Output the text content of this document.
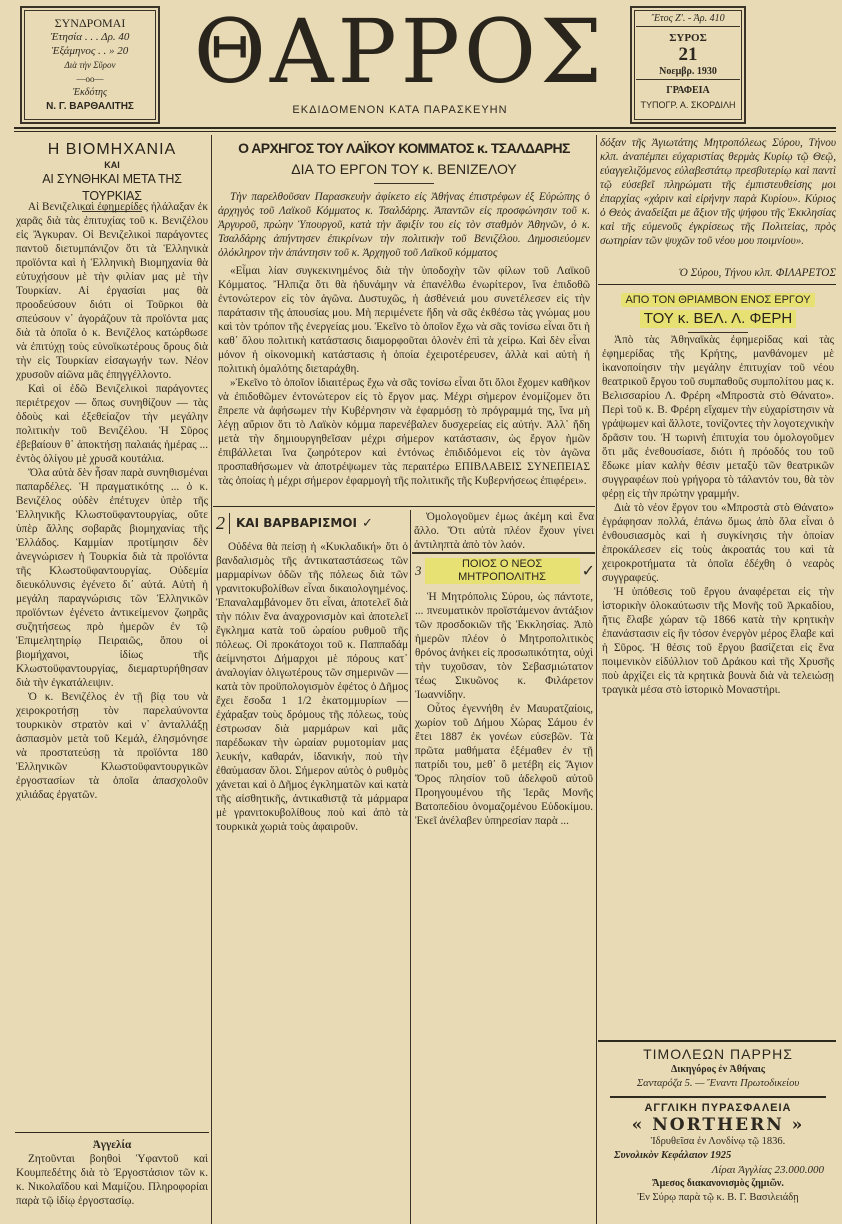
ΣΥΝΔΡΟΜΑΙ
Ἐτησία . . . Δρ. 40
Ἑξάμηνος . . » 20
Διὰ τὴν Σῦρον
—oo—
Ἐκδότης
Ν. Γ. ΒΑΡΘΑΛΙΤΗΣ
ΘΑΡΡΟΣ
ΕΚΔΙΔΟΜΕΝΟΝ ΚΑΤΑ ΠΑΡΑΣΚΕΥΗΝ
Ἔτος Ζ'. - Ἀρ. 410
ΣΥΡΟΣ
21
Νοεμβρ. 1930
ΓΡΑΦΕΙΑ
ΤΥΠΟΓΡ. Α. ΣΚΟΡΔΙΛΗ
Η ΒΙΟΜΗΧΑΝΙΑ
ΚΑΙ
ΑΙ ΣΥΝΘΗΚΑΙ ΜΕΤΑ ΤΗΣ ΤΟΥΡΚΙΑΣ

Αἱ Βενιζελικαὶ ἐφημερίδες ἠλάλαξαν ἐκ χαρᾶς διὰ τὰς ἐπιτυχίας τοῦ κ. Βενιζέλου εἰς Ἄγκυραν. Οἱ Βενιζελικοὶ παράγοντες παντοῦ διετυμπάνιζον ὅτι τὰ Ἑλληνικὰ προϊόντα καὶ ἡ Ἑλληνικὴ Βιομηχανία θὰ εὐτυχήσουν μὲ τὴν φιλίαν μας μὲ τὴν Τουρκίαν. Αἱ ἐργασίαι μας θὰ προοδεύσουν διότι οἱ Τοῦρκοι θὰ σπεύσουν ν᾽ ἀγοράζουν τὰ προϊόντα μας διὰ τὰ ὁποῖα ὁ κ. Βενιζέλος κατώρθωσε νὰ ἐπιτύχῃ τοὺς εὐνοϊκωτέρους ὅρους διὰ τὴν εἰς Τουρκίαν εἰσαγωγήν των. Νέον χρυσοῦν αἰῶνα μᾶς ἐπηγγέλλοντο.

Καὶ οἱ ἐδῶ Βενιζελικοὶ παράγοντες περιέτρεχον — ὅπως συνηθίζουν — τὰς ὁδοὺς καὶ ἐξεθείαζον τὴν μεγάλην πολιτικὴν τοῦ Βενιζέλου. Ἡ Σῦρος ἐβεβαίουν θ᾽ ἀποκτήσῃ παλαιάς ἡμέρας ... ἐντὸς ὀλίγου μὲ χρυσᾶ κουτάλια.

Ὅλα αὐτὰ δὲν ἦσαν παρὰ συνηθισμέναι παπαρδέλες. Ἡ πραγματικότης ... ὁ κ. Βενιζέλος οὐδὲν ἐπέτυχεν ὑπὲρ τῆς Ἑλληνικῆς Κλωστοϋφαντουργίας, οὔτε ὑπὲρ ἄλλης σοβαρᾶς βιομηχανίας τῆς Ἑλλάδος. Καμμίαν προτίμησιν δὲν ἀνεγνώρισεν ἡ Τουρκία διὰ τὰ προϊόντα τῆς Κλωστοϋφαντουργίας. Οὐδεμία διευκόλυνσις ἐγένετο δι᾽ αὐτά. Αὐτὴ ἡ μεγάλη παραγνώρισις τῶν Ἑλληνικῶν προϊόντων ἐγένετο ἀντικείμενον ζωηρᾶς συζητήσεως πρὸ ἡμερῶν ἐν τῷ Ἐπιμελητηρίῳ Πειραιῶς, ὅπου οἱ βιομήχανοι, ἰδίως τῆς Κλωστοϋφαντουργίας, διεμαρτυρήθησαν διὰ τὴν ἐγκατάλειψιν.

Ὁ κ. Βενιζέλος ἐν τῇ βίᾳ του νὰ χειροκροτήσῃ τὸν παρελαύνοντα τουρκικὸν στρατὸν καὶ ν᾽ ἀνταλλάξῃ ἀσπασμὸν μετὰ τοῦ Κεμάλ, ἐλησμόνησε νὰ προστατεύσῃ τὰ προϊόντα 180 Ἑλληνικῶν Κλωστοϋφαντουργικῶν ἐργοστασίων τὰ ὁποῖα ἀπασχολοῦν χιλιάδας ἐργατῶν.

Ἀγγελία

Ζητοῦνται βοηθοὶ Ὑφαντοῦ καὶ Κουμπεδέτης διὰ τὸ Ἐργοστάσιον τῶν κ. κ. Νικολαΐδου καὶ Μαμίζου. Πληροφορίαι παρὰ τῷ ἰδίῳ ἐργοστασίῳ.

Ο ΑΡΧΗΓΟΣ ΤΟΥ ΛΑΪΚΟΥ ΚΟΜΜΑΤΟΣ κ. ΤΣΑΛΔΑΡΗΣ
ΔΙΑ ΤΟ ΕΡΓΟΝ ΤΟΥ κ. ΒΕΝΙΖΕΛΟΥ

Τὴν παρελθοῦσαν Παρασκευὴν ἀφίκετο εἰς Ἀθήνας ἐπιστρέφων ἐξ Εὐρώπης ὁ ἀρχηγὸς τοῦ Λαϊκοῦ Κόμματος κ. Τσαλδάρης. Ἀπαντῶν εἰς προσφώνησιν τοῦ κ. Ἀργυροῦ, πρώην Ὑπουργοῦ, κατὰ τὴν ἄφιξίν του εἰς τὸν σταθμὸν Ἀθηνῶν, ὁ κ. Τσαλδάρης ἀπήντησεν ἐπικρίνων τὴν πολιτικὴν τοῦ Βενιζέλου. Δημοσιεύομεν ὁλόκληρον τὴν ἀπάντησιν τοῦ κ. Ἀρχηγοῦ τοῦ Λαϊκοῦ κόμματος

«Εἶμαι λίαν συγκεκινημένος διὰ τὴν ὑποδοχὴν τῶν φίλων τοῦ Λαϊκοῦ Κόμματος. Ἤλπιζα ὅτι θὰ ἠδυνάμην νὰ ἐπανέλθω ἐνωρίτερον, ἵνα ἐπιδοθῶ ἐντονώτερον εἰς τὸν ἀγῶνα. Δυστυχῶς, ἡ ἀσθένειά μου συνετέλεσεν εἰς τὴν παράτασιν τῆς ἀπουσίας μου. Μὴ περιμένετε ἤδη νὰ σᾶς ἐκθέσω τὰς γνώμας μου καὶ τὸν τρόπον τῆς ἐνεργείας μου. Ἐκεῖνο τὸ ὁποῖον ἔχω νὰ σᾶς τονίσω εἶναι ὅτι ἡ καθ᾽ ὅλου πολιτικὴ κατάστασις διαμορφοῦται ὁλονὲν ἐπὶ τὰ χείρω. Καὶ δὲν εἶναι μόνον ἡ οἰκονομικὴ κατάστασις ἡ ὁποία ἐχειροτέρευσεν, ἀλλὰ καὶ αὐτὴ ἡ πολιτικὴ ὁμαλότης διεταράχθη.

»Ἐκεῖνο τὸ ὁποῖον ἰδιαιτέρως ἔχω νὰ σᾶς τονίσω εἶναι ὅτι ὅλοι ἔχομεν καθῆκον νὰ ἐπιδοθῶμεν ἐντονώτερον εἰς τὸ ἔργον μας. Μέχρι σήμερον ἐνομίζομεν ὅτι ἔπρεπε νὰ ἀφήσωμεν τὴν Κυβέρνησιν νὰ ἐφαρμόσῃ τὸ πρόγραμμά της, ἵνα μὴ λέγῃ αὔριον ὅτι τὸ Λαϊκὸν κόμμα παρενέβαλεν δυσχερείας εἰς αὐτήν. Ἀλλ᾽ ἤδη μετὰ τὴν δημιουργηθεῖσαν μέχρι σήμερον κατάστασιν, ὡς ἔργον ἡμῶν ἐπιβάλλεται ἵνα ζωηρότερον καὶ ἐντόνως ἐπιδιδόμενοι εἰς τὸν ἀγῶνα προσπαθήσωμεν νὰ ἀποτρέψωμεν τὰς περαιτέρω ΕΠΙΒΛΑΒΕΙΣ ΣΥΝΕΠΕΙΑΣ τὰς ὁποίας ἡ μέχρι σήμερον ἐφαρμογὴ τῆς πολιτικῆς τῆς Κυβερνήσεως ἐπιφέρει».

2 ΚΑΙ ΒΑΡΒΑΡΙΣΜΟΙ ✓

Οὐδένα θὰ πείσῃ ἡ «Κυκλαδική» ὅτι ὁ βανδαλισμὸς τῆς ἀντικαταστάσεως τῶν μαρμαρίνων ὁδῶν τῆς πόλεως διὰ τῶν γρανιτοκυβολίθων εἶναι δικαιολογημένος. Ἐπαναλαμβάνομεν ὅτι εἶναι, ἀποτελεῖ διὰ τὴν πόλιν ἕνα ἀναχρονισμὸν καὶ ἀποτελεῖ ἔγκλημα κατὰ τοῦ ὡραίου ρυθμοῦ τῆς πόλεως. Οἱ προκάτοχοι τοῦ κ. Παππαδάμ ἀείμνηστοι Δήμαρχοι μὲ πόρους κατ᾽ ἀναλογίαν ὀλιγωτέρους τῶν σημερινῶν — κατὰ τὸν προϋπολογισμὸν ἐφέτος ὁ Δῆμος ἔχει ἔσοδα 1 1/2 ἑκατομμυρίων — ἐχάραξαν τοὺς δρόμους τῆς πόλεως, τοὺς ἐστρωσαν διὰ μαρμάρων καὶ μᾶς παρέδωκαν τὴν ὡραίαν ρυμοτομίαν μας λευκήν, καθαράν, ἰδανικήν, ποὺ τὴν ἐθαύμασαν ὅλοι. Σήμερον αὐτὸς ὁ ρυθμὸς χάνεται καὶ ὁ Δῆμος ἐγκληματῶν καὶ κατὰ τῆς αἰσθητικῆς, ἀντικαθιστᾷ τὰ μάρμαρα μὲ γρανιτοκυβολίθους ποὺ καὶ ἀπὸ τὰ τουρκικὰ χωριὰ τοὺς ἀφαιροῦν.

Ὁμολογοῦμεν ἐμως ἀκέμη καὶ ἕνα ἄλλο. Ὅτι αὐτὰ πλέον ἔχουν γίνει ἀντιληπτὰ ἀπὸ τὸν λαόν.

3	ΠΟΙΟΣ Ο ΝΕΟΣ ΜΗΤΡΟΠΟΛΙΤΗΣ	✓

Ἡ Μητρόπολις Σύρου, ὡς πάντοτε, ... πνευματικὸν προϊστάμενον ἀντάξιον τῶν προσδοκιῶν τῆς Ἐκκλησίας. Ἀπὸ ἡμερῶν πλέον ὁ Μητροπολιτικὸς θρόνος ἀνήκει εἰς προσωπικότητα, οὐχὶ τὴν τυχοῦσαν, τὸν Σεβασμιώτατον τέως Σικυῶνος κ. Φιλάρετον Ἰωαννίδην.

Οὗτος ἐγεννήθη ἐν Μαυρατζαίοις, χωρίον τοῦ Δήμου Χώρας Σάμου ἐν ἔτει 1887 ἐκ γονέων εὐσεβῶν. Τὰ πρῶτα μαθήματα ἐξέμαθεν ἐν τῇ πατρίδι του, μεθ᾽ ὃ μετέβη εἰς Ἅγιον Ὄρος πλησίον τοῦ ἀδελφοῦ αὐτοῦ Προηγουμένου τῆς Ἱερᾶς Μονῆς Βατοπεδίου ὀνομαζομένου Εὐδοκίμου. Ἐκεῖ ἀνέλαβεν ὑπηρεσίαν παρὰ ...

δόξαν τῆς Ἀγιωτάτης Μητροπόλεως Σύρου, Τήνου κλπ. ἀναπέμπει εὐχαριστίας θερμὰς Κυρίῳ τῷ Θεῷ, εὐαγγελιζόμενος εὐλαβεστάτῳ πρεσβυτερίῳ καὶ παντὶ τῷ εὐσεβεῖ πληρώματι τῆς ἐμπιστευθείσης μοι ἐπαρχίας «χάριν καὶ εἰρήνην παρὰ Κυρίου». Κύριος ὁ Θεὸς ἀναδείξαι με ἄξιον τῆς ψήφου τῆς Ἐκκλησίας καὶ τῆς εὐμενοῦς ἐγκρίσεως τῆς Πολιτείας, πρὸς σωτηρίαν τῶν ψυχῶν τοῦ νέου μου ποιμνίου».

Ὁ Σύρου, Τήνου κλπ. ΦΙΛΑΡΕΤΟΣ
ΑΠΟ ΤΟΝ ΘΡΙΑΜΒΟΝ ΕΝΟΣ ΕΡΓΟΥ ΤΟΥ κ. ΒΕΛ. Λ. ΦΕΡΗ

Ἀπὸ τὰς Ἀθηναϊκὰς ἐφημερίδας καὶ τὰς ἐφημερίδας τῆς Κρήτης, μανθάνομεν μὲ ἱκανοποίησιν τὴν μεγάλην ἐπιτυχίαν τοῦ νέου θεατρικοῦ ἔργου τοῦ συμπαθοῦς συμπολίτου μας κ. Βελισσαρίου Λ. Φρέρη «Μπροστὰ στὸ Θάνατο». Περὶ τοῦ κ. Β. Φρέρη εἴχαμεν τὴν εὐχαρίστησιν νὰ γράψωμεν καὶ ἄλλοτε, τονίζοντες τὴν λογοτεχνικὴν δρᾶσιν του. Ἡ τωρινὴ ἐπιτυχία του ὁμολογοῦμεν ὅτι μᾶς ἐνεθουσίασε, διότι ἡ πρόοδός του τοῦ ἔδωκε μίαν καλὴν θέσιν μεταξὺ τῶν θεατρικῶν συγγραφέων ποὺ γρήγορα τὸ τάλαντόν του, θὰ τὸν φέρῃ εἰς τὴν πρώτην γραμμήν.

Διὰ τὸ νέον ἔργον του «Μπροστὰ στὸ Θάνατο» ἐγράφησαν πολλά, ἐπάνω ὅμως ἀπὸ ὅλα εἶναι ὁ ἐνθουσιασμὸς καὶ ἡ συγκίνησις τὴν ὁποίαν ἐπροκάλεσεν εἰς τοὺς ἀκροατάς του καὶ τὰ χειροκροτήματα τὰ ὁποῖα ἐδέχθη ὁ νεαρὸς συγγραφεύς.

Ἡ ὑπόθεσις τοῦ ἔργου ἀναφέρεται εἰς τὴν ἱστορικὴν ὁλοκαύτωσιν τῆς Μονῆς τοῦ Ἀρκαδίου, ἥτις ἔλαβε χώραν τῷ 1866 κατὰ τὴν κρητικὴν ἐπανάστασιν εἰς ἣν τόσον ἐνεργὸν μέρος ἔλαβε καὶ ἡ Σῦρος. Ἡ θέσις τοῦ ἔργου βασίζεται εἰς ἕνα ποιμενικὸν εἰδύλλιον τοῦ Δράκου καὶ τῆς Χρυσῆς ποὺ ἀρχίζει εἰς τὰ κρητικὰ βουνὰ διὰ νὰ τελειώσῃ τραγικὰ μέσα στὸ ἱστορικὸ Μοναστήρι.

ΤΙΜΟΛΕΩΝ ΠΑΡΡΗΣ
Δικηγόρος ἐν Ἀθήναις
Σανταρόζα 5. — Ἔναντι Πρωτοδικείου
ΑΓΓΛΙΚΗ ΠΥΡΑΣΦΑΛΕΙΑ
« NORTHERN »
Ἱδρυθεῖσα ἐν Λονδίνῳ τῷ 1836.
Συνολικὸν Κεφάλαιον 1925
Λίραι Ἀγγλίας 23.000.000
Ἄμεσος διακανονισμὸς ζημιῶν.
Ἐν Σύρῳ παρὰ τῷ κ. Β. Γ. Βασιλειάδῃ
